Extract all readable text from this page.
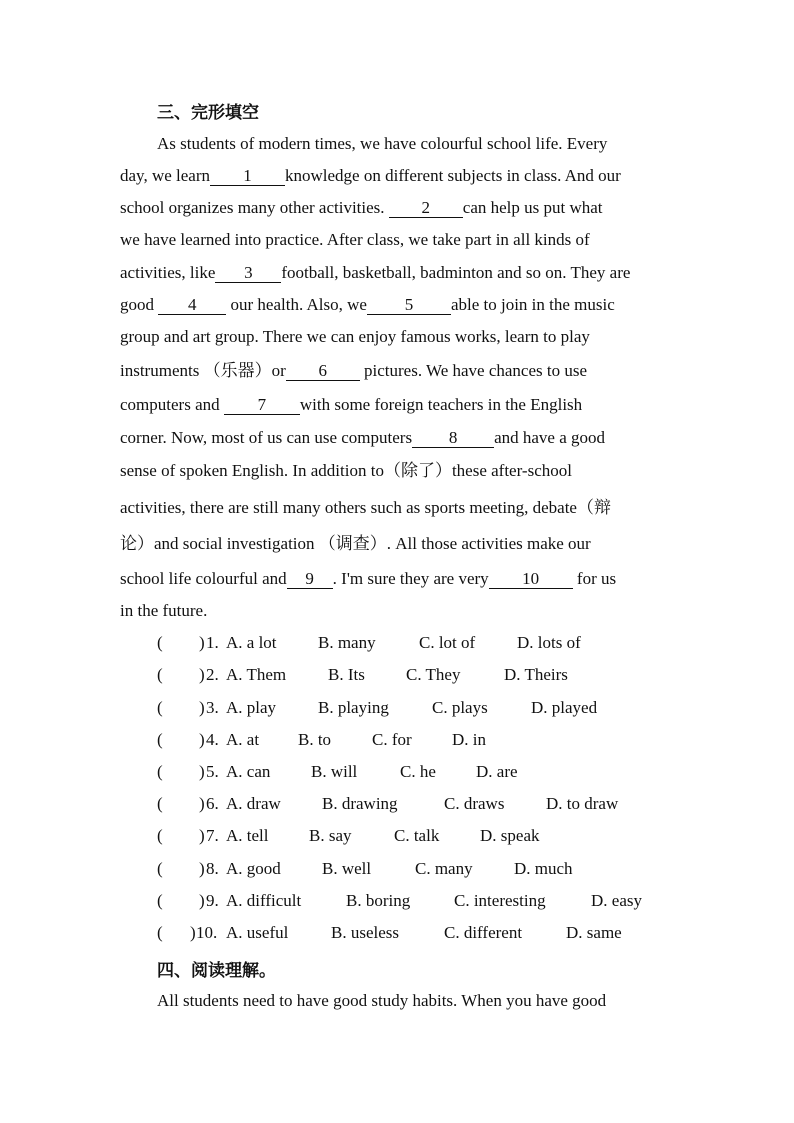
三、完形填空
As students of modern times, we have colourful school life. Every
day, we learn 1 knowledge on different subjects in class. And our
school organizes many other activities. 2 can help us put what
we have learned into practice. After class, we take part in all kinds of
activities, like 3 football, basketball, badminton and so on. They are
good 4 our health. Also, we 5 able to join in the music
group and art group. There we can enjoy famous works, learn to play
instruments （乐器）or 6 pictures. We have chances to use
computers and 7 with some foreign teachers in the English
corner. Now, most of us can use computers 8 and have a good
sense of spoken English. In addition to（除了）these after-school
activities, there are still many others such as sports meeting, debate（辩
论）and social investigation （调查）. All those activities make our
school life colourful and 9 . I'm sure they are very 10 for us
in the future.
( ) 1. A. a lot B. many	C. lot of D. lots of
( ) 2. A. Them B. Its C. They	D. Theirs
( ) 3. A. play B. playing	C. plays	D. played
( ) 4. A. at B. to C. for D. in
( ) 5. A. can B. will	C. he D. are
( ) 6. A. draw B. drawing	C. draws D. to draw
( ) 7. A. tell B. say	C. talk D. speak
( ) 8. A. good B. well	C. many D. much
( ) 9. A. difficult	B. boring	C. interesting	D. easy
( ) 10. A. useful	B. useless	C. different	D. same
四、阅读理解。
All students need to have good study habits. When you have good
